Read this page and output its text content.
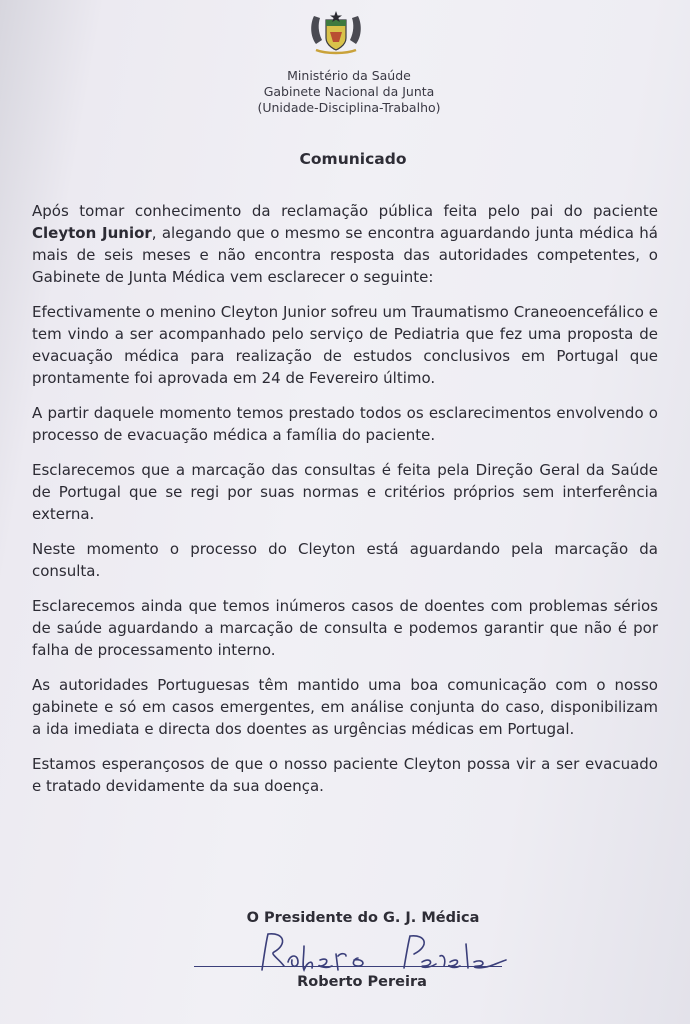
Ministério da Saúde
Gabinete Nacional da Junta
(Unidade-Disciplina-Trabalho)
Comunicado

Após tomar conhecimento da reclamação pública feita pelo pai do paciente Cleyton Junior, alegando que o mesmo se encontra aguardando junta médica há mais de seis meses e não encontra resposta das autoridades competentes, o Gabinete de Junta Médica vem esclarecer o seguinte:

Efectivamente o menino Cleyton Junior sofreu um Traumatismo Craneoencefálico e tem vindo a ser acompanhado pelo serviço de Pediatria que fez uma proposta de evacuação médica para realização de estudos conclusivos em Portugal que prontamente foi aprovada em 24 de Fevereiro último.

A partir daquele momento temos prestado todos os esclarecimentos envolvendo o processo de evacuação médica a família do paciente.

Esclarecemos que a marcação das consultas é feita pela Direção Geral da Saúde de Portugal que se regi por suas normas e critérios próprios sem interferência externa.

Neste momento o processo do Cleyton está aguardando pela marcação da consulta.

Esclarecemos ainda que temos inúmeros casos de doentes com problemas sérios de saúde aguardando a marcação de consulta e podemos garantir que não é por falha de processamento interno.

As autoridades Portuguesas têm mantido uma boa comunicação com o nosso gabinete e só em casos emergentes, em análise conjunta do caso, disponibilizam a ida imediata e directa dos doentes as urgências médicas em Portugal.

Estamos esperançosos de que o nosso paciente Cleyton possa vir a ser evacuado e tratado devidamente da sua doença.

O Presidente do G. J. Médica
Roberto Pereira
